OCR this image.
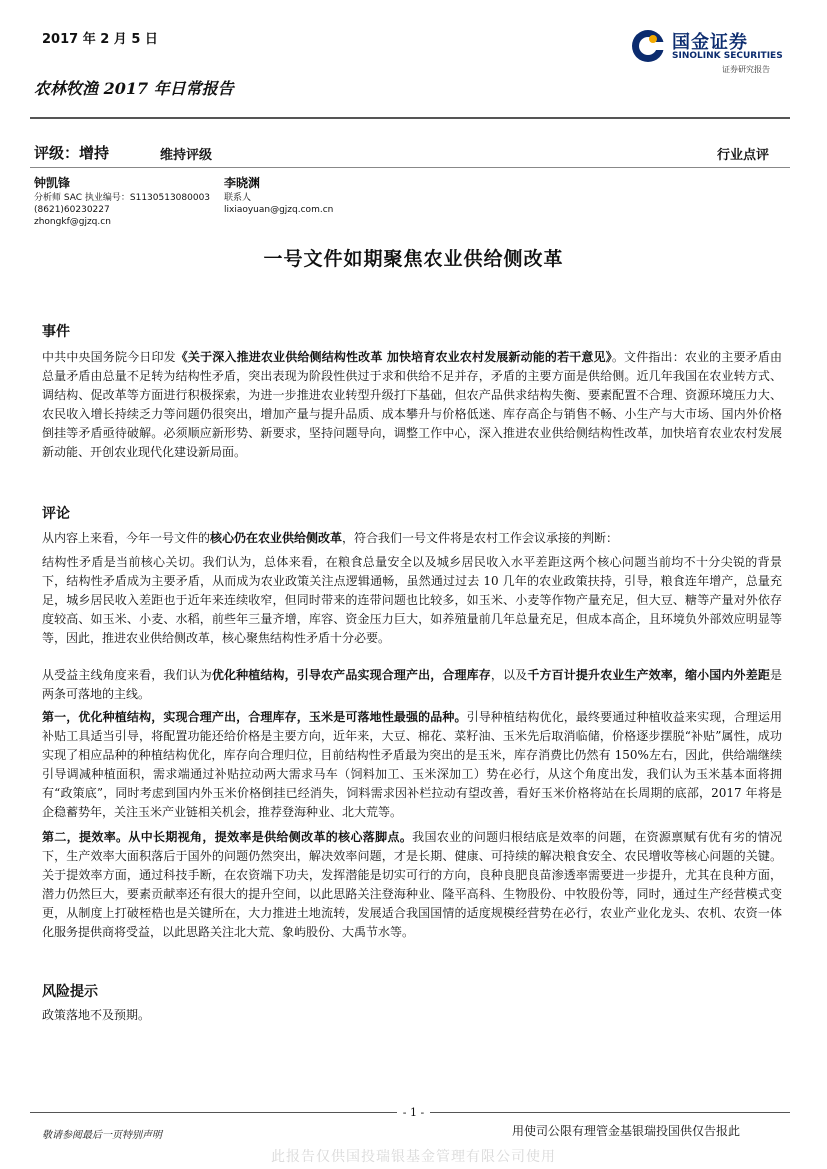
2017 年 2 月 5 日	国金证券
SINOLINK SECURITIES
证券研究报告
农林牧渔 2017 年日常报告
评级：增持	维持评级	行业点评
钟凯锋
分析师 SAC 执业编号：S1130513080003
(8621)60230227
zhongkf@gjzq.cn
李晓渊
联系人
lixiaoyuan@gjzq.com.cn
一号文件如期聚焦农业供给侧改革
事件
中共中央国务院今日印发《关于深入推进农业供给侧结构性改革 加快培育农业农村发展新动能的若干意见》。文件指出：农业的主要矛盾由总量矛盾由总量不足转为结构性矛盾，突出表现为阶段性供过于求和供给不足并存，矛盾的主要方面是供给侧。近几年我国在农业转方式、调结构、促改革等方面进行积极探索，为进一步推进农业转型升级打下基础，但农产品供求结构失衡、要素配置不合理、资源环境压力大、农民收入增长持续乏力等问题仍很突出，增加产量与提升品质、成本攀升与价格低迷、库存高企与销售不畅、小生产与大市场、国内外价格倒挂等矛盾亟待破解。必须顺应新形势、新要求，坚持问题导向，调整工作中心，深入推进农业供给侧结构性改革，加快培育农业农村发展新动能、开创农业现代化建设新局面。
评论
从内容上来看，今年一号文件的核心仍在农业供给侧改革，符合我们一号文件将是农村工作会议承接的判断：
结构性矛盾是当前核心关切。我们认为，总体来看，在粮食总量安全以及城乡居民收入水平差距这两个核心问题当前均不十分尖锐的背景下，结构性矛盾成为主要矛盾，从而成为农业政策关注点逻辑通畅，虽然通过过去 10 几年的农业政策扶持，引导，粮食连年增产，总量充足，城乡居民收入差距也于近年来连续收窄，但同时带来的连带问题也比较多，如玉米、小麦等作物产量充足，但大豆、糖等产量对外依存度较高、如玉米、小麦、水稻，前些年三量齐增，库容、资金压力巨大，如养殖量前几年总量充足，但成本高企，且环境负外部效应明显等等，因此，推进农业供给侧改革，核心聚焦结构性矛盾十分必要。
从受益主线角度来看，我们认为优化种植结构，引导农产品实现合理产出，合理库存，以及千方百计提升农业生产效率，缩小国内外差距是两条可落地的主线。
第一，优化种植结构，实现合理产出，合理库存，玉米是可落地性最强的品种。引导种植结构优化，最终要通过种植收益来实现，合理运用补贴工具适当引导，将配置功能还给价格是主要方向，近年来，大豆、棉花、菜籽油、玉米先后取消临储，价格逐步摆脱“补贴”属性，成功实现了相应品种的种植结构优化，库存向合理归位，目前结构性矛盾最为突出的是玉米，库存消费比仍然有 150%左右，因此，供给端继续引导调减种植面积，需求端通过补贴拉动两大需求马车（饲料加工、玉米深加工）势在必行，从这个角度出发，我们认为玉米基本面将拥有“政策底”，同时考虑到国内外玉米价格倒挂已经消失，饲料需求因补栏拉动有望改善，看好玉米价格将站在长周期的底部，2017 年将是企稳蓄势年，关注玉米产业链相关机会，推荐登海种业、北大荒等。
第二，提效率。从中长期视角，提效率是供给侧改革的核心落脚点。我国农业的问题归根结底是效率的问题，在资源禀赋有优有劣的情况下，生产效率大面积落后于国外的问题仍然突出，解决效率问题，才是长期、健康、可持续的解决粮食安全、农民增收等核心问题的关键。关于提效率方面，通过科技手断，在农资端下功夫，发挥潜能是切实可行的方向，良种良肥良苗渗透率需要进一步提升，尤其在良种方面，潜力仍然巨大，要素贡献率还有很大的提升空间，以此思路关注登海种业、隆平高科、生物股份、中牧股份等，同时，通过生产经营模式变更，从制度上打破桎梏也是关键所在，大力推进土地流转，发展适合我国国情的适度规模经营势在必行，农业产业化龙头、农机、农资一体化服务提供商将受益，以此思路关注北大荒、象屿股份、大禹节水等。
风险提示
政策落地不及预期。
- 1 -
敬请参阅最后一页特别声明	用使司公限有理管金基银瑞投国供仅告报此
此报告仅供国投瑞银基金管理有限公司使用
